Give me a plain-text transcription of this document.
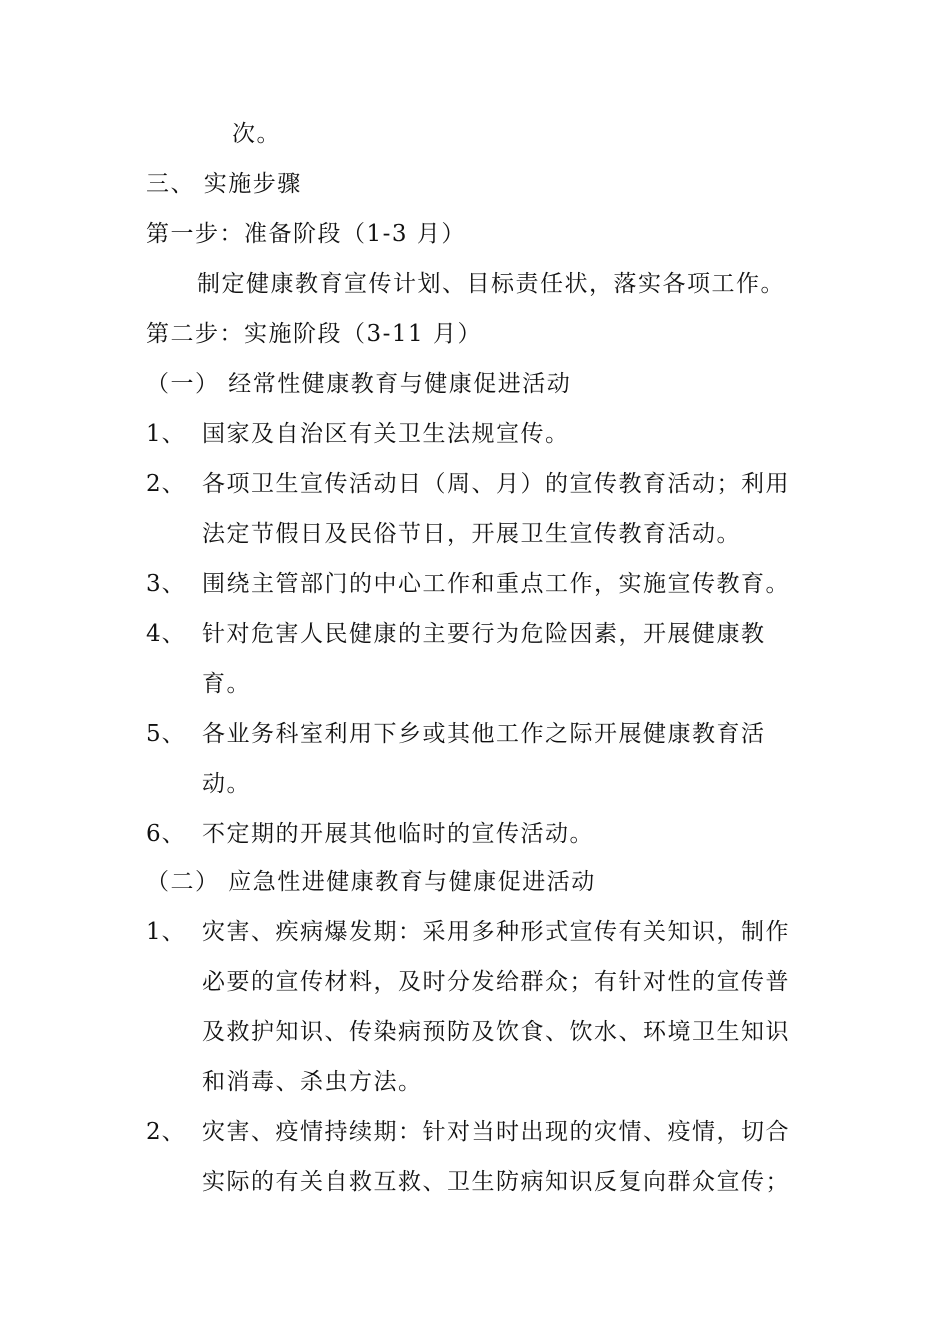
次。
三、 实施步骤
第一步：准备阶段（1-3 月）
制定健康教育宣传计划、目标责任状，落实各项工作。
第二步：实施阶段（3-11 月）
（一） 经常性健康教育与健康促进活动
1、 国家及自治区有关卫生法规宣传。
2、 各项卫生宣传活动日（周、月）的宣传教育活动；利用
法定节假日及民俗节日，开展卫生宣传教育活动。
3、 围绕主管部门的中心工作和重点工作，实施宣传教育。
4、 针对危害人民健康的主要行为危险因素，开展健康教
育。
5、 各业务科室利用下乡或其他工作之际开展健康教育活
动。
6、 不定期的开展其他临时的宣传活动。
（二） 应急性进健康教育与健康促进活动
1、 灾害、疾病爆发期：采用多种形式宣传有关知识，制作
必要的宣传材料，及时分发给群众；有针对性的宣传普
及救护知识、传染病预防及饮食、饮水、环境卫生知识
和消毒、杀虫方法。
2、 灾害、疫情持续期：针对当时出现的灾情、疫情，切合
实际的有关自救互救、卫生防病知识反复向群众宣传；
